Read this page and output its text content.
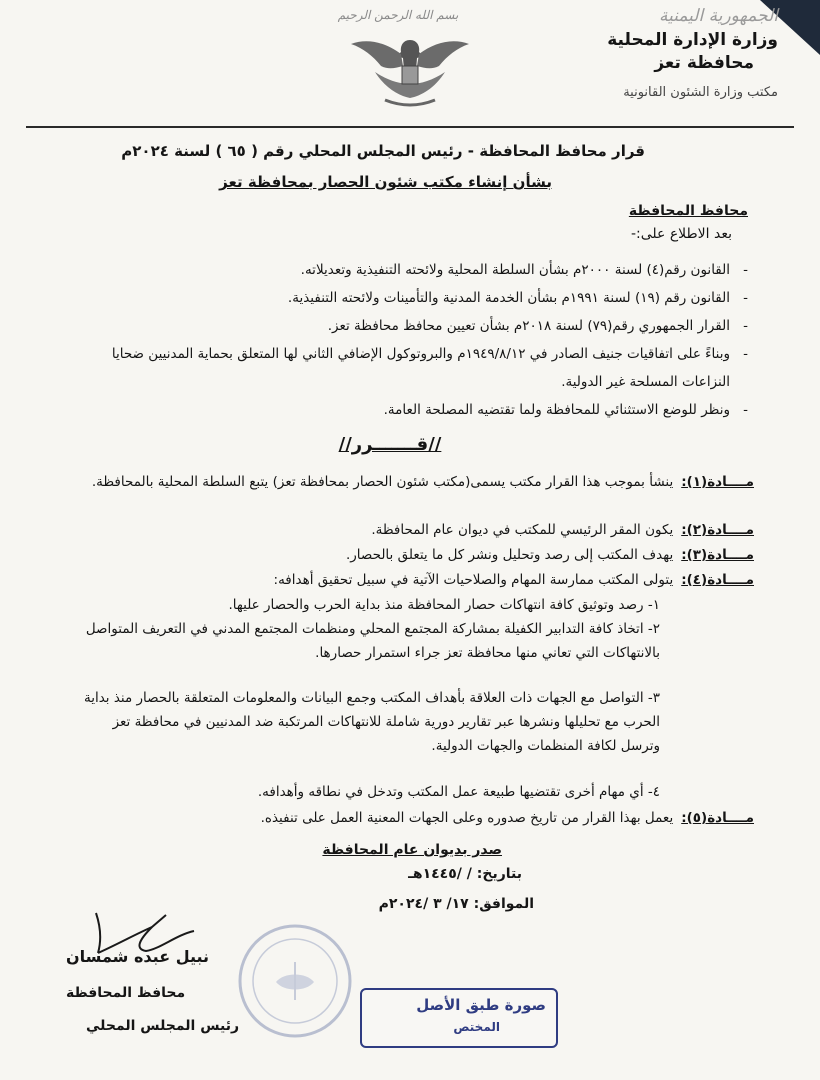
الجمهورية اليمنية
وزارة الإدارة المحلية
محافظة تعز
مكتب وزارة الشئون القانونية
بسم الله الرحمن الرحيم
قرار محافظ المحافظة - رئيس المجلس المحلي رقم ( ٦٥ ) لسنة ٢٠٢٤م
بشأن إنشاء مكتب شئون الحصار بمحافظة تعز
محافظ المحافظة
بعد الاطلاع على:-
- القانون رقم(٤) لسنة ٢٠٠٠م بشأن السلطة المحلية ولائحته التنفيذية وتعديلاته.
- القانون رقم (١٩) لسنة ١٩٩١م بشأن الخدمة المدنية والتأمينات ولائحته التنفيذية.
- القرار الجمهوري رقم(٧٩) لسنة ٢٠١٨م بشأن تعيين محافظ محافظة تعز.
- وبناءً على اتفاقيات جنيف الصادر في ١٩٤٩/٨/١٢م والبروتوكول الإضافي الثاني لها المتعلق بحماية المدنيين ضحايا النزاعات المسلحة غير الدولية.
- ونظر للوضع الاستثنائي للمحافظة ولما تقتضيه المصلحة العامة.
//قـــــــرر//
مــــادة(١):ينشأ بموجب هذا القرار مكتب يسمى(مكتب شئون الحصار بمحافظة تعز) يتبع السلطة المحلية بالمحافظة.
مــــادة(٢):يكون المقر الرئيسي للمكتب في ديوان عام المحافظة.
مــــادة(٣):يهدف المكتب إلى رصد وتحليل ونشر كل ما يتعلق بالحصار.
مــــادة(٤):يتولى المكتب ممارسة المهام والصلاحيات الآتية في سبيل تحقيق أهدافه:
١- رصد وتوثيق كافة انتهاكات حصار المحافظة منذ بداية الحرب والحصار عليها.
٢- اتخاذ كافة التدابير الكفيلة بمشاركة المجتمع المحلي ومنظمات المجتمع المدني في التعريف المتواصل بالانتهاكات التي تعاني منها محافظة تعز جراء استمرار حصارها.
٣- التواصل مع الجهات ذات العلاقة بأهداف المكتب وجمع البيانات والمعلومات المتعلقة بالحصار منذ بداية الحرب مع تحليلها ونشرها عبر تقارير دورية شاملة للانتهاكات المرتكبة ضد المدنيين في محافظة تعز وترسل لكافة المنظمات والجهات الدولية.
٤- أي مهام أخرى تقتضيها طبيعة عمل المكتب وتدخل في نطاقه وأهدافه.
مــــادة(٥):يعمل بهذا القرار من تاريخ صدوره وعلى الجهات المعنية العمل على تنفيذه.
صدر بديوان عام المحافظة
بتاريخ: / /١٤٤٥هـ
الموافق: ١٧/ ٣ /٢٠٢٤م
نبيل عبده شمسان
محافظ المحافظة
رئيس المجلس المحلي
صورة طبق الأصل
المختص
